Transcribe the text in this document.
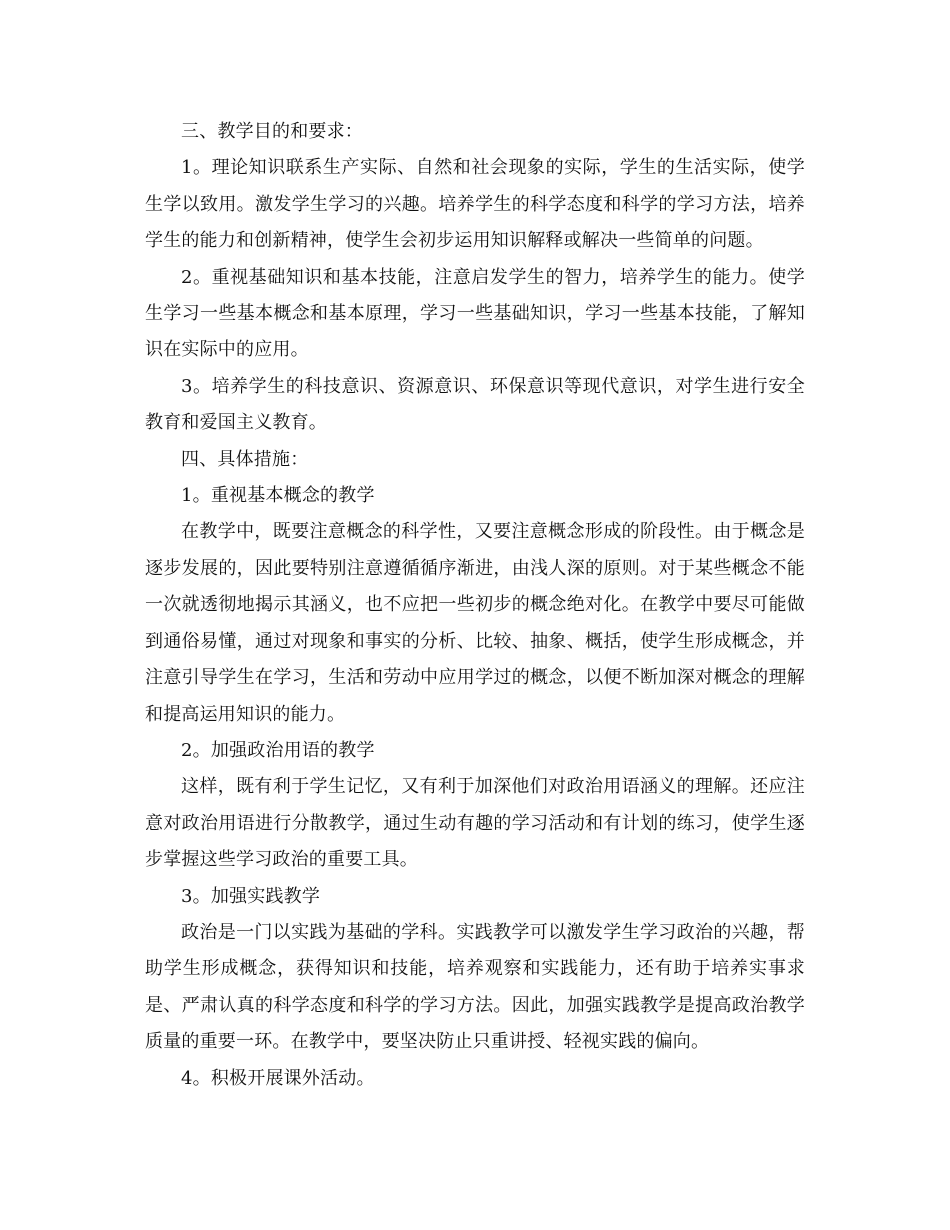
三、教学目的和要求：

1。理论知识联系生产实际、自然和社会现象的实际，学生的生活实际，使学生学以致用。激发学生学习的兴趣。培养学生的科学态度和科学的学习方法，培养学生的能力和创新精神，使学生会初步运用知识解释或解决一些简单的问题。

2。重视基础知识和基本技能，注意启发学生的智力，培养学生的能力。使学生学习一些基本概念和基本原理，学习一些基础知识，学习一些基本技能，了解知识在实际中的应用。

3。培养学生的科技意识、资源意识、环保意识等现代意识，对学生进行安全教育和爱国主义教育。

四、具体措施：

1。重视基本概念的教学

在教学中，既要注意概念的科学性，又要注意概念形成的阶段性。由于概念是逐步发展的，因此要特别注意遵循循序渐进，由浅人深的原则。对于某些概念不能一次就透彻地揭示其涵义，也不应把一些初步的概念绝对化。在教学中要尽可能做到通俗易懂，通过对现象和事实的分析、比较、抽象、概括，使学生形成概念，并注意引导学生在学习，生活和劳动中应用学过的概念，以便不断加深对概念的理解和提高运用知识的能力。

2。加强政治用语的教学

这样，既有利于学生记忆，又有利于加深他们对政治用语涵义的理解。还应注意对政治用语进行分散教学，通过生动有趣的学习活动和有计划的练习，使学生逐步掌握这些学习政治的重要工具。

3。加强实践教学

政治是一门以实践为基础的学科。实践教学可以激发学生学习政治的兴趣，帮助学生形成概念，获得知识和技能，培养观察和实践能力，还有助于培养实事求是、严肃认真的科学态度和科学的学习方法。因此，加强实践教学是提高政治教学质量的重要一环。在教学中，要坚决防止只重讲授、轻视实践的偏向。

4。积极开展课外活动。
